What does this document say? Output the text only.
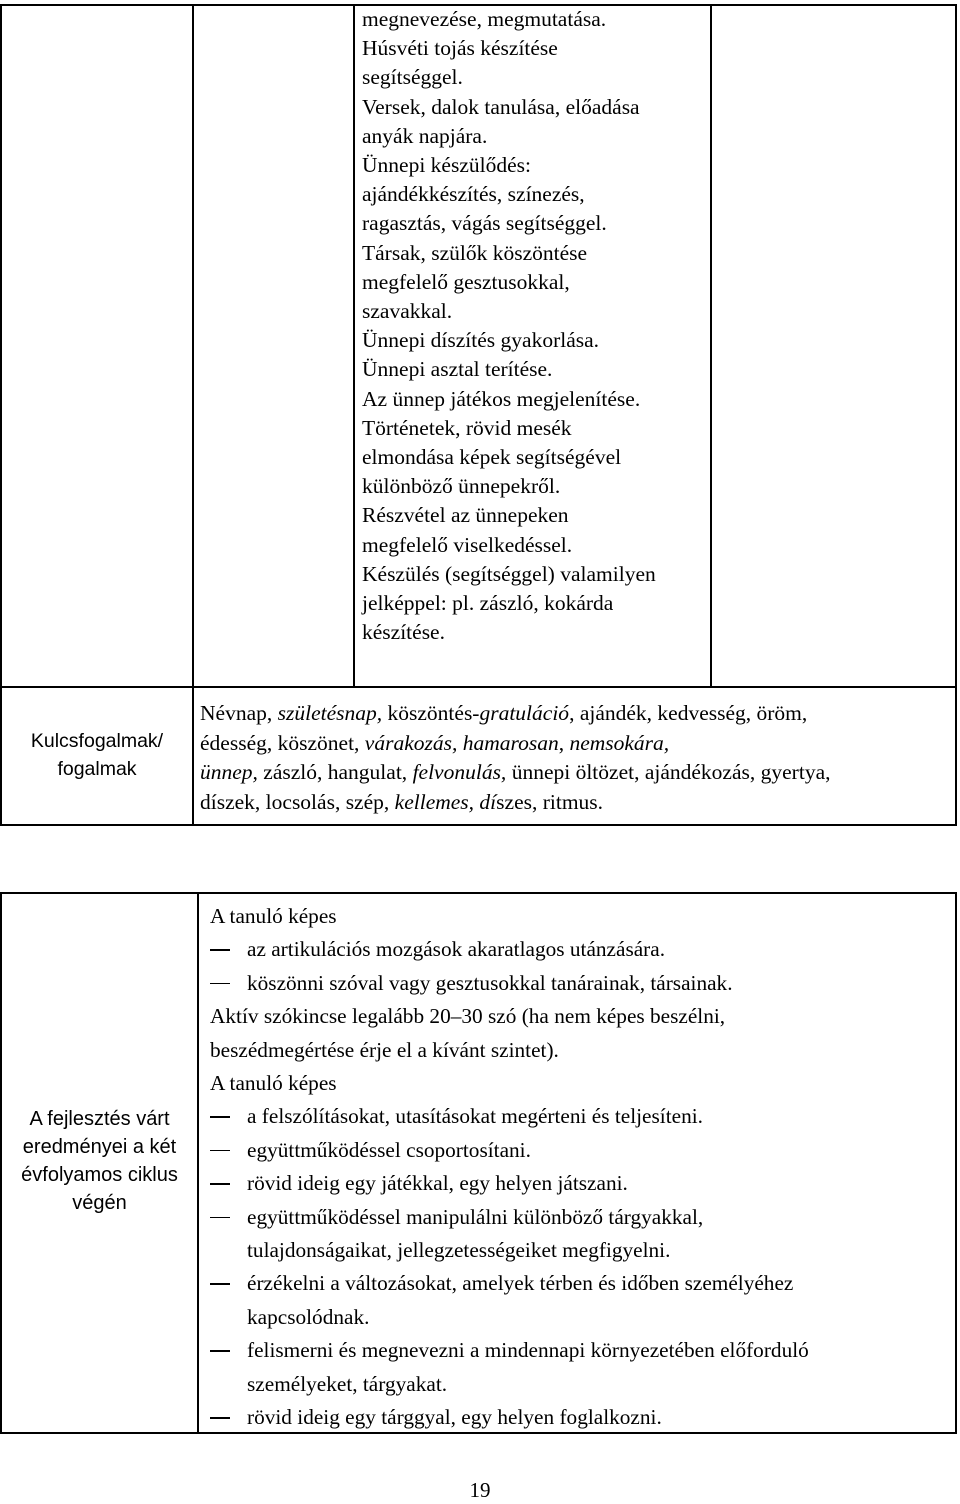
megnevezése, megmutatása.
Húsvéti tojás készítése
segítséggel.
Versek, dalok tanulása, előadása
anyák napjára.
Ünnepi készülődés:
ajándékkészítés, színezés,
ragasztás, vágás segítséggel.
Társak, szülők köszöntése
megfelelő gesztusokkal,
szavakkal.
Ünnepi díszítés gyakorlása.
Ünnepi asztal terítése.
Az ünnep játékos megjelenítése.
Történetek, rövid mesék
elmondása képek segítségével
különböző ünnepekről.
Részvétel az ünnepeken
megfelelő viselkedéssel.
Készülés (segítséggel) valamilyen
jelképpel: pl. zászló, kokárda
készítése.
Kulcsfogalmak/
fogalmak
Névnap, születésnap, köszöntés-gratuláció, ajándék, kedvesség, öröm,
édesség, köszönet, várakozás, hamarosan, nemsokára,
ünnep, zászló, hangulat, felvonulás, ünnepi öltözet, ajándékozás, gyertya,
díszek, locsolás, szép, kellemes, díszes, ritmus.
A fejlesztés várt
eredményei a két
évfolyamos ciklus
végén
A tanuló képes
az artikulációs mozgások akaratlagos utánzására.
köszönni szóval vagy gesztusokkal tanárainak, társainak.
Aktív szókincse legalább 20–30 szó (ha nem képes beszélni,
beszédmegértése érje el a kívánt szintet).
A tanuló képes
a felszólításokat, utasításokat megérteni és teljesíteni.
együttműködéssel csoportosítani.
rövid ideig egy játékkal, egy helyen játszani.
együttműködéssel manipulálni különböző tárgyakkal,
tulajdonságaikat, jellegzetességeiket megfigyelni.
érzékelni a változásokat, amelyek térben és időben személyéhez
kapcsolódnak.
felismerni és megnevezni a mindennapi környezetében előforduló
személyeket, tárgyakat.
rövid ideig egy tárggyal, egy helyen foglalkozni.
19
